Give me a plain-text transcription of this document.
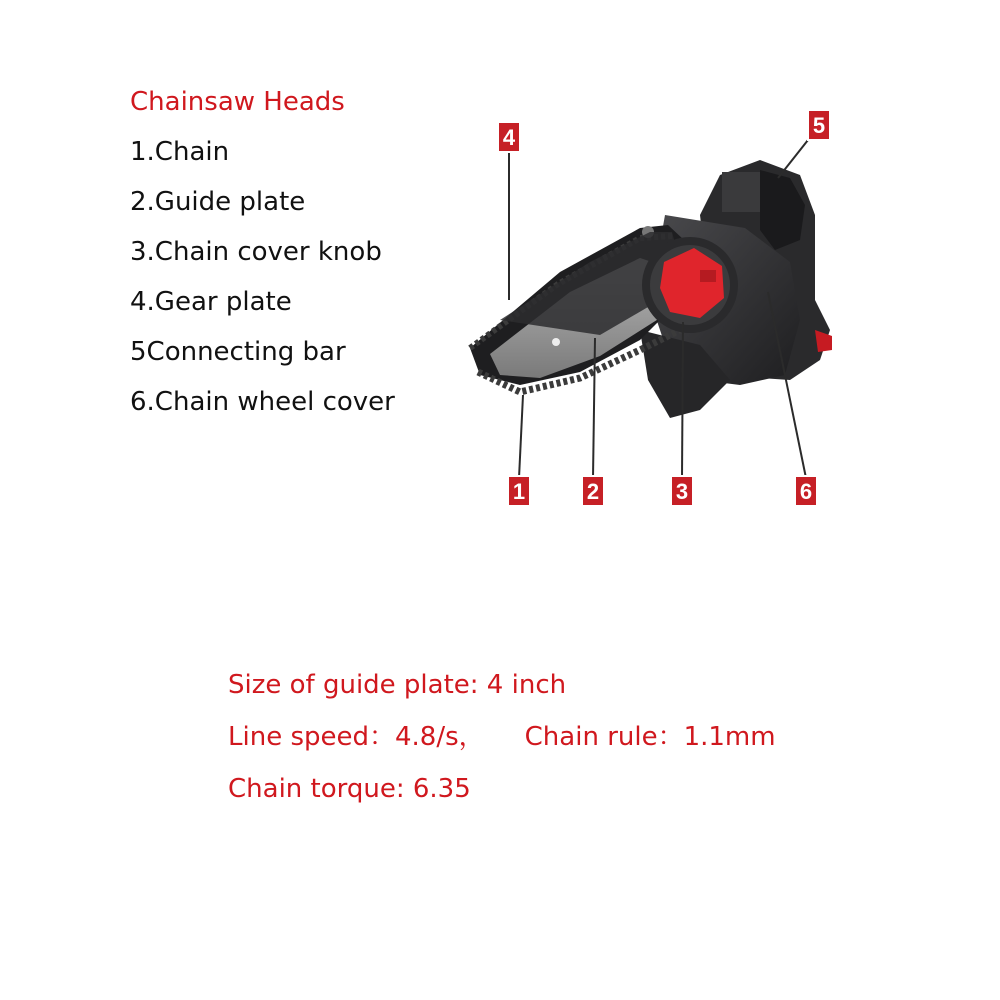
Chainsaw Heads
1.Chain
2.Guide plate
3.Chain cover knob
4.Gear plate
5Connecting bar
6.Chain wheel cover
4	5
1	2	3	6
Size of guide plate: 4 inch
Line speed：4.8/s， Chain rule：1.1mm
Chain torque: 6.35
